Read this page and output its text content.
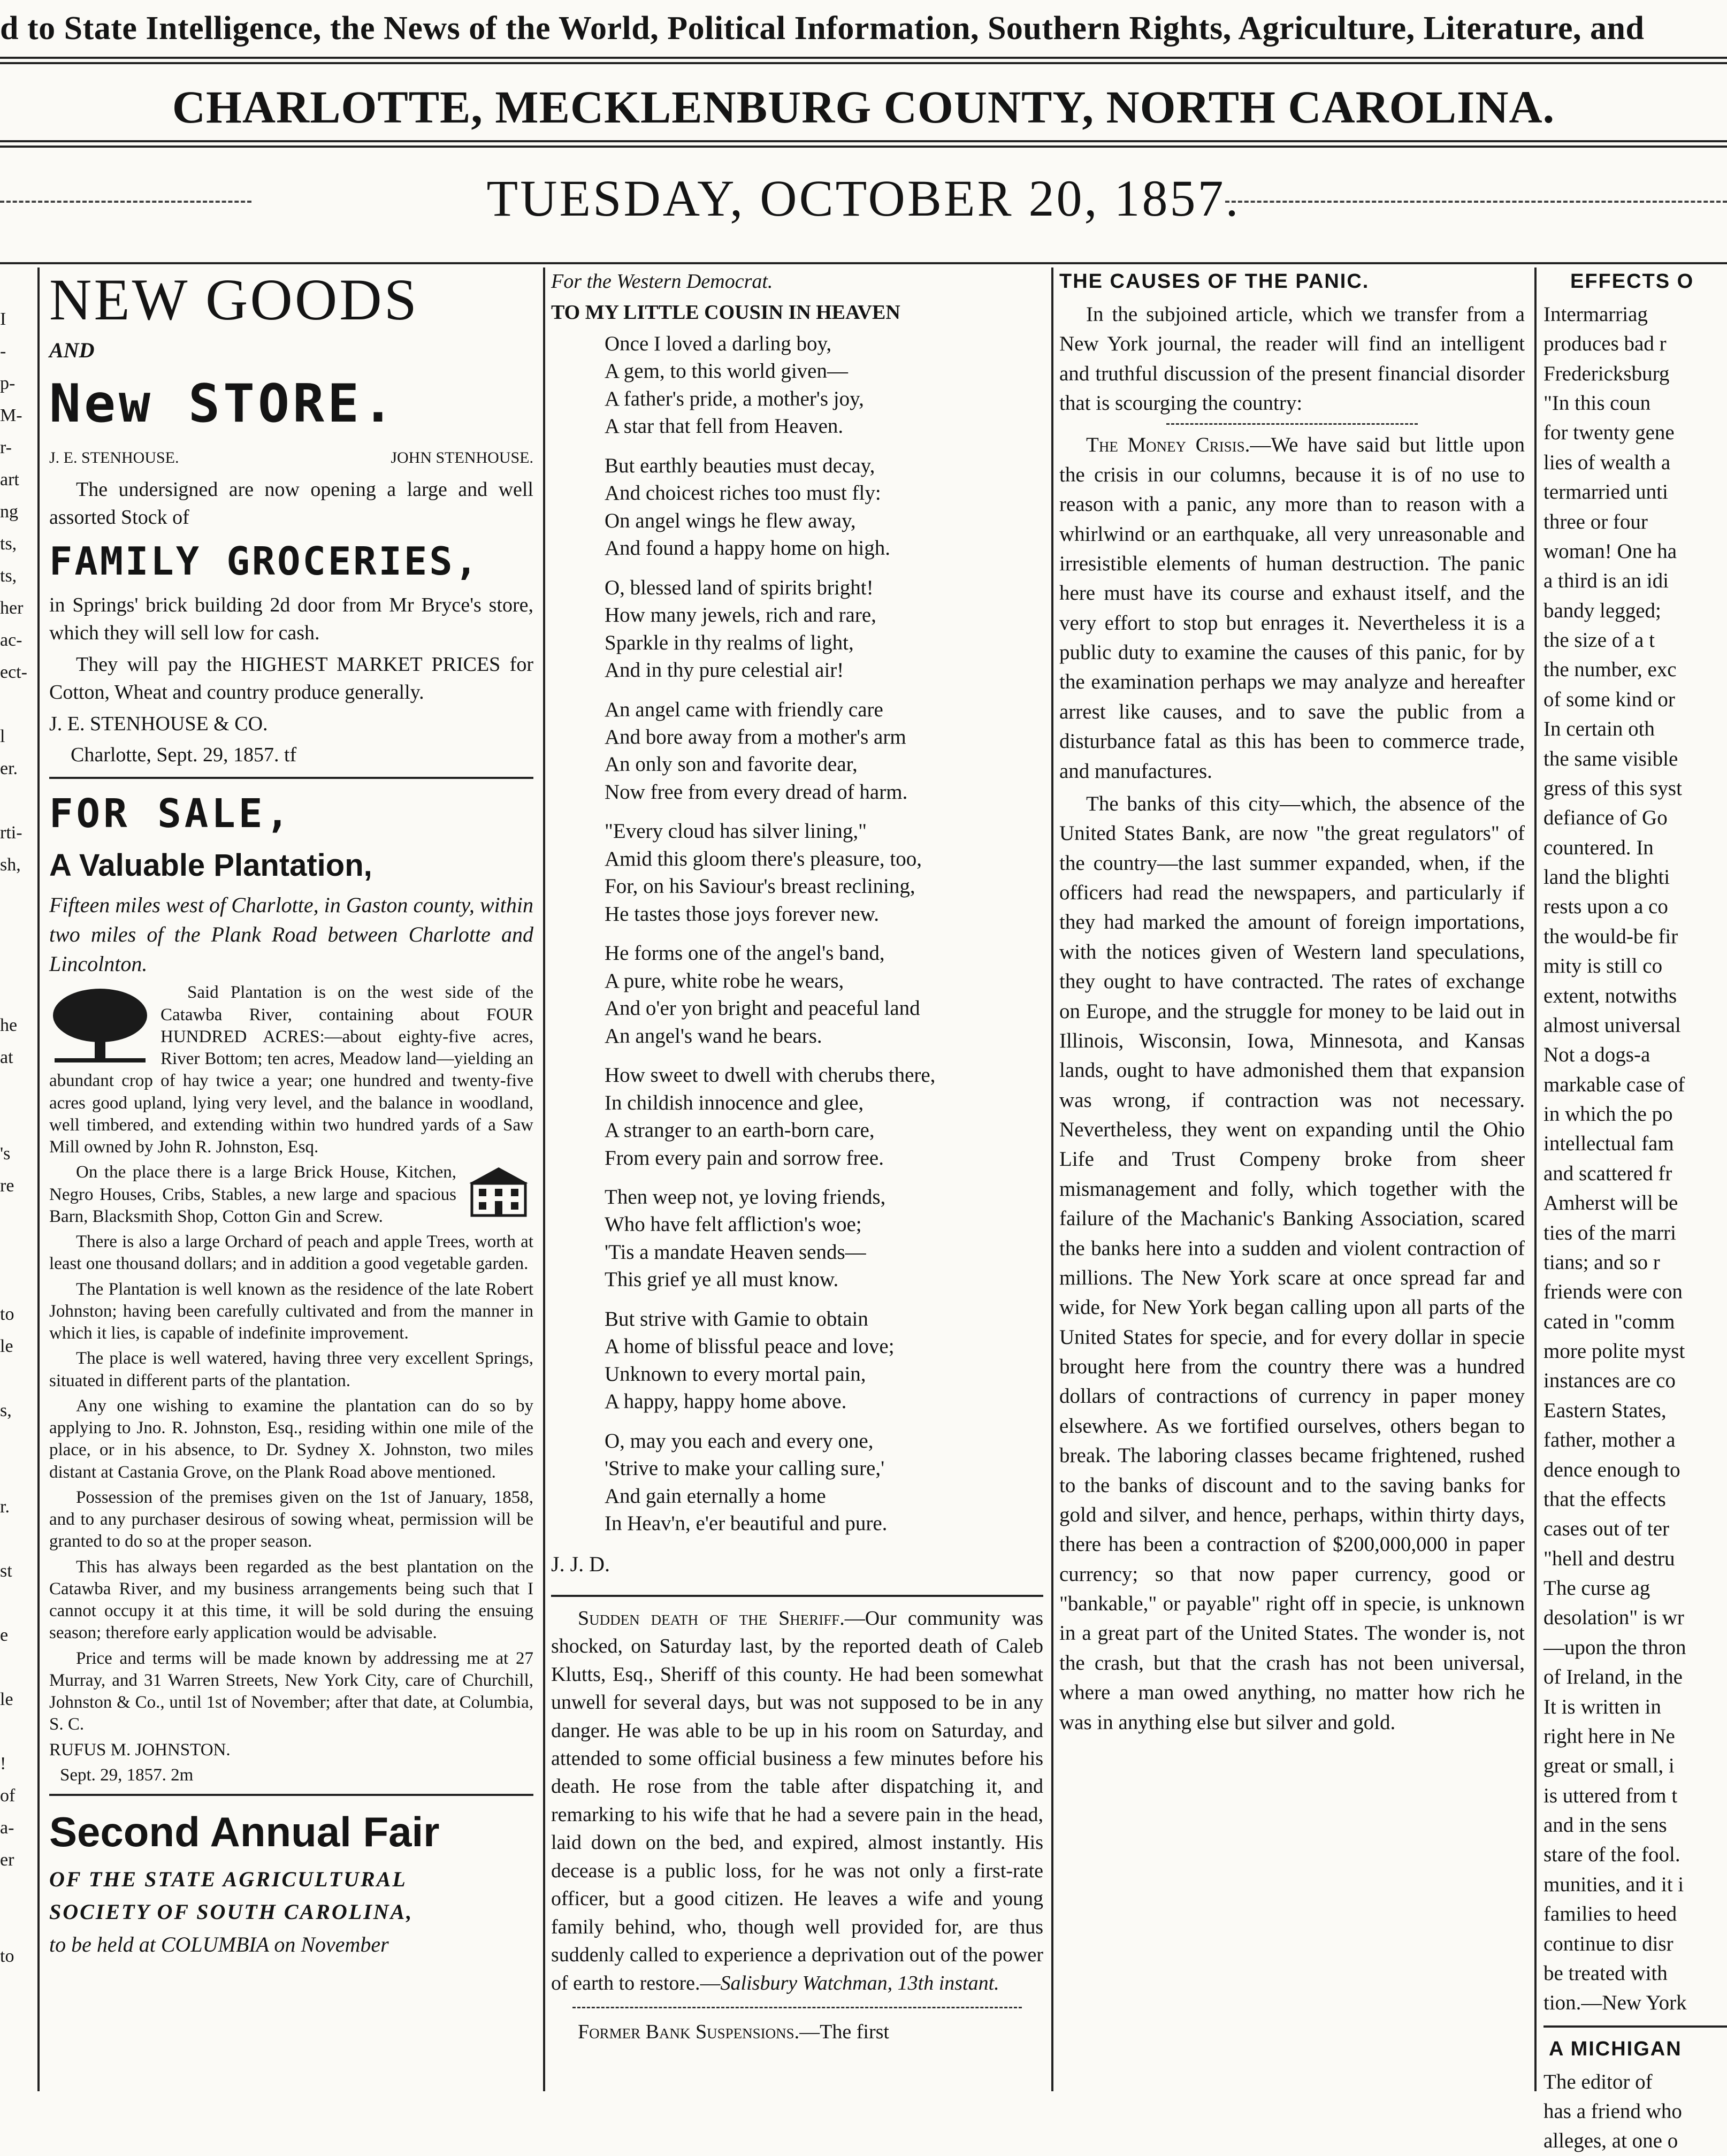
d to State Intelligence, the News of the World, Political Information, Southern Rights, Agriculture, Literature, and
CHARLOTTE, MECKLENBURG COUNTY, NORTH CAROLINA.
TUESDAY, OCTOBER 20, 1857.
I
-
p-
M-
r-
art
ng
ts,
ts,
her
ac-
ect-
l
er.
rti-
sh,
he
at
's
re
to
le
s,
r.
st
e
le
!
of
a-
er
to

NEW GOODS

AND

New STORE.

J. E. STENHOUSE.	JOHN STENHOUSE.

The undersigned are now opening a large and well assorted Stock of

FAMILY GROCERIES,

in Springs' brick building 2d door from Mr Bryce's store, which they will sell low for cash.

They will pay the HIGHEST MARKET PRICES for Cotton, Wheat and country produce generally.

J. E. STENHOUSE & CO.

Charlotte, Sept. 29, 1857. tf

FOR SALE,

A Valuable Plantation,

Fifteen miles west of Charlotte, in Gaston county, within two miles of the Plank Road between Charlotte and Lincolnton.

Said Plantation is on the west side of the Catawba River, containing about FOUR HUNDRED ACRES:—about eighty-five acres, River Bottom; ten acres, Meadow land—yielding an abundant crop of hay twice a year; one hundred and twenty-five acres good upland, lying very level, and the balance in woodland, well timbered, and extending within two hundred yards of a Saw Mill owned by John R. Johnston, Esq.

On the place there is a large Brick House, Kitchen, Negro Houses, Cribs, Stables, a new large and spacious Barn, Blacksmith Shop, Cotton Gin and Screw.

There is also a large Orchard of peach and apple Trees, worth at least one thousand dollars; and in addition a good vegetable garden.

The Plantation is well known as the residence of the late Robert Johnston; having been carefully cultivated and from the manner in which it lies, is capable of indefinite improvement.

The place is well watered, having three very excellent Springs, situated in different parts of the plantation.

Any one wishing to examine the plantation can do so by applying to Jno. R. Johnston, Esq., residing within one mile of the place, or in his absence, to Dr. Sydney X. Johnston, two miles distant at Castania Grove, on the Plank Road above mentioned.

Possession of the premises given on the 1st of January, 1858, and to any purchaser desirous of sowing wheat, permission will be granted to do so at the proper season.

This has always been regarded as the best plantation on the Catawba River, and my business arrangements being such that I cannot occupy it at this time, it will be sold during the ensuing season; therefore early application would be advisable.

Price and terms will be made known by addressing me at 27 Murray, and 31 Warren Streets, New York City, care of Churchill, Johnston & Co., until 1st of November; after that date, at Columbia, S. C.

RUFUS M. JOHNSTON.

Sept. 29, 1857. 2m

Second Annual Fair

OF THE STATE AGRICULTURAL

SOCIETY OF SOUTH CAROLINA,

to be held at COLUMBIA on November

For the Western Democrat.

TO MY LITTLE COUSIN IN HEAVEN

Once I loved a darling boy,
A gem, to this world given—
A father's pride, a mother's joy,
A star that fell from Heaven.
But earthly beauties must decay,
And choicest riches too must fly:
On angel wings he flew away,
And found a happy home on high.
O, blessed land of spirits bright!
How many jewels, rich and rare,
Sparkle in thy realms of light,
And in thy pure celestial air!
An angel came with friendly care
And bore away from a mother's arm
An only son and favorite dear,
Now free from every dread of harm.
"Every cloud has silver lining,"
Amid this gloom there's pleasure, too,
For, on his Saviour's breast reclining,
He tastes those joys forever new.
He forms one of the angel's band,
A pure, white robe he wears,
And o'er yon bright and peaceful land
An angel's wand he bears.
How sweet to dwell with cherubs there,
In childish innocence and glee,
A stranger to an earth-born care,
From every pain and sorrow free.
Then weep not, ye loving friends,
Who have felt affliction's woe;
'Tis a mandate Heaven sends—
This grief ye all must know.
But strive with Gamie to obtain
A home of blissful peace and love;
Unknown to every mortal pain,
A happy, happy home above.
O, may you each and every one,
'Strive to make your calling sure,'
And gain eternally a home
In Heav'n, e'er beautiful and pure.

J. J. D.

Sudden death of the Sheriff.—Our community was shocked, on Saturday last, by the reported death of Caleb Klutts, Esq., Sheriff of this county. He had been somewhat unwell for several days, but was not supposed to be in any danger. He was able to be up in his room on Saturday, and attended to some official business a few minutes before his death. He rose from the table after dispatching it, and remarking to his wife that he had a severe pain in the head, laid down on the bed, and expired, almost instantly. His decease is a public loss, for he was not only a first-rate officer, but a good citizen. He leaves a wife and young family behind, who, though well provided for, are thus suddenly called to experience a deprivation out of the power of earth to restore.—Salisbury Watchman, 13th instant.

Former Bank Suspensions.—The first

THE CAUSES OF THE PANIC.

In the subjoined article, which we transfer from a New York journal, the reader will find an intelligent and truthful discussion of the present financial disorder that is scourging the country:

The Money Crisis.—We have said but little upon the crisis in our columns, because it is of no use to reason with a panic, any more than to reason with a whirlwind or an earthquake, all very unreasonable and irresistible elements of human destruction. The panic here must have its course and exhaust itself, and the very effort to stop but enrages it. Nevertheless it is a public duty to examine the causes of this panic, for by the examination perhaps we may analyze and hereafter arrest like causes, and to save the public from a disturbance fatal as this has been to commerce trade, and manufactures.

The banks of this city—which, the absence of the United States Bank, are now "the great regulators" of the country—the last summer expanded, when, if the officers had read the newspapers, and particularly if they had marked the amount of foreign importations, with the notices given of Western land speculations, they ought to have contracted. The rates of exchange on Europe, and the struggle for money to be laid out in Illinois, Wisconsin, Iowa, Minnesota, and Kansas lands, ought to have admonished them that expansion was wrong, if contraction was not necessary. Nevertheless, they went on expanding until the Ohio Life and Trust Compeny broke from sheer mismanagement and folly, which together with the failure of the Machanic's Banking Association, scared the banks here into a sudden and violent contraction of millions. The New York scare at once spread far and wide, for New York began calling upon all parts of the United States for specie, and for every dollar in specie brought here from the country there was a hundred dollars of contractions of currency in paper money elsewhere. As we fortified ourselves, others began to break. The laboring classes became frightened, rushed to the banks of discount and to the saving banks for gold and silver, and hence, perhaps, within thirty days, there has been a contraction of $200,000,000 in paper currency; so that now paper currency, good or "bankable," or payable" right off in specie, is unknown in a great part of the United States. The wonder is, not the crash, but that the crash has not been universal, where a man owed anything, no matter how rich he was in anything else but silver and gold.

EFFECTS O

Intermarriag
produces bad r
Fredericksburg
"In this coun
for twenty gene
lies of wealth a
termarried unti
three or four
woman! One ha
a third is an idi
bandy legged;
the size of a t
the number, exc
of some kind or
In certain oth
the same visible
gress of this syst
defiance of Go
countered. In
land the blighti
rests upon a co
the would-be fir
mity is still co
extent, notwiths
almost universal
Not a dogs-a
markable case of
in which the po
intellectual fam
and scattered fr
Amherst will be
ties of the marri
tians; and so r
friends were con
cated in "comm
more polite myst
instances are co
Eastern States,
father, mother a
dence enough to
that the effects
cases out of ter
"hell and destru
The curse ag
desolation" is wr
—upon the thron
of Ireland, in the
It is written in
right here in Ne
great or small, i
is uttered from t
and in the sens
stare of the fool.
munities, and it i
families to heed
continue to disr
be treated with
tion.—New York

A MICHIGAN

The editor of
has a friend who
alleges, at one o
